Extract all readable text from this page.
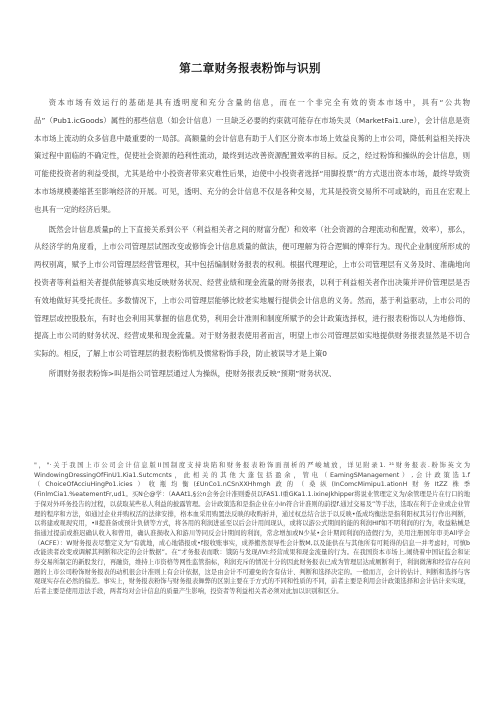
第二章财务报表粉饰与识别

资本市场有效运行的基础是具有透明度和充分含量的信息，而在一个非完全有效的资本市场中，具有“公共物品”（Pub1.icGoods）属性的那些信息（如会计信息）一旦缺乏必要的约束就可能存在市场失灵（MarketFai1.ure），会计信息是资本市场上流动的众多信息中最重要的一局部。高额量的会计信息有助于人们区分资本市场上效益良莠的上市公司，降低利益相关持决策过程中面临的不确定性，促使社会资源的趋利性流动，最终到达改善资源配置效率的目标。反之，经过粉饰和操纵的会计信息，则可能使投资者的利益受损，尤其是给中小投资者带来灾难性后果，迫使中小投资者选择“用脚投票”的方式退出资本市场，最终导致资本市场规模萎缩甚至影响经济的开展。可见，透明、充分的会计信息不仅是各种交易，尤其是投资交易所不可或缺的，而且在宏观上也具有一定的经济后果。

既然会计信息质量p的上下直接关系到公平（利益相关者之间的财富分配）和效率（社会资源的合理流动和配置，效率），那么，从经济学的角度看，上市公司管理层试图改变或修饰会计信息质量的做法，便可理解为符合逻辑的博弈行为。现代企业制度所形成的两权别离，赋予上市公司管理层经营管理权，其中包括编制财务报表的权利。根据代理理论，上市公司管理层有义务及时、准确地向投资者等利益相关者提供能够真实地反映财务状况、经营业绩和现金流量的财务报表，以利于利益相关者作出决策并评价管理层是否有效地做好其受托责任。多数情况下，上市公司管理层能够比较老实地履行提供会计信息的义务。然而，基于利益驱动，上市公司的管理层或控股股东，有时也会利用其掌握的信息优势，利用会计准则和制度所赋予的会计政策选择权，进行报表粉饰以人为地修饰、提高上市公司的财务状况、经营成果和现金流量。对于财务报表使用者而言，明望上市公司管理层如实地提供财务报表显然是不切合实际的。相反，了解上市公司管理层的报表粉饰机及惯常粉饰手段，防止被误导才是上策0

所谓财务报表粉饰>叫是指公司管理层通过人为操纵，使财务报表反映“预期”财务状况、

"，"·关于我国上市公司会计信息版II国制度支持块陷和财务报表粉饰面剖析的严峻城放，详见附录1. ²¹财务报表.粉饰英文为WindowingDressingOfFinU1.Kia1.Sutcmcnts，此相关的其他大蓬包括盈余，管电（EamingSManagement）,会计政策选1.f（ChoiceOfAcciuHingPo1.icies）收瓶均衡(£UnCo1.nCSnXXHhmgh政的（桑纵(InComcMimipu1.ationH财务ItZZ株季(FinlmCia1.%eatementFr,ud1。买N仑@学：（AAAt1,§公n会务会计准则委员以FAS1.I重GKa1.1.ixineJkhipper将说业管理定义为/余管理是片在行口的地于保对外环务投告的过程，以获取某些私人利益的披露管理。会计政策选和是指企业在小In符合计准则的前提f.通过交易及”等手法，选取在利于企业或企业管理的程序和方法，如通过企业并购权活的法律安排，格本血采用购置法反映的收购折并，通过权总结合法于以反映•低成均衡法是指利阳权其另行作出判断，以将建或观现究用，•II提准备或预计负债等方式，将各用的利润进延至以后会计用间现认，或将以游公式期间的能的利润HIf如不明利润的行为，收益粘械是指通过提前或推迟确认收入和曾用，确认准损收入和游川等同反会计期间的利润，常念增加或N少某•会计期间利润的造假行为，美用注册国年审美All学会（ACFE）：W财务报表尽整定义为“有就地，成心地错报或•f报收账事实，成养搬然误导性会计数M,以及能供在与其他所有可耗得的信息一并考虑时，可慎b改能读者改变或调解其判断和决定的会计数据”。在“才务报表而歌：饿防与发现/IVI:经营成果和现金流量的行为。在我国资本市场上,闹绕着中国证监会和证券交易所制定的新股发行，再融资，维持上市资格等网性监管指标，利润充斥的情况十分的因此财务报表已成为管理层达成厕断利于，利润微薄和经营存在问题的上市公司粉饰财务报表的动机很会计准则上有会计依据，这是由会计不可避免的含有估计、判断和选择决定的。一般而言，会计的估计、判断和选择与客观现实存在必然的偏差。事实上，财务报表粉饰与财务报表舞弊的区别主要在于方式的不同和性质的不同，前者主要是利用会计政策选择和会计估计来实现，后者主要是使用违法手段，两者均对会计信息的质量产生影响，投资者等利益相关者必须对此加以识别和区分。
